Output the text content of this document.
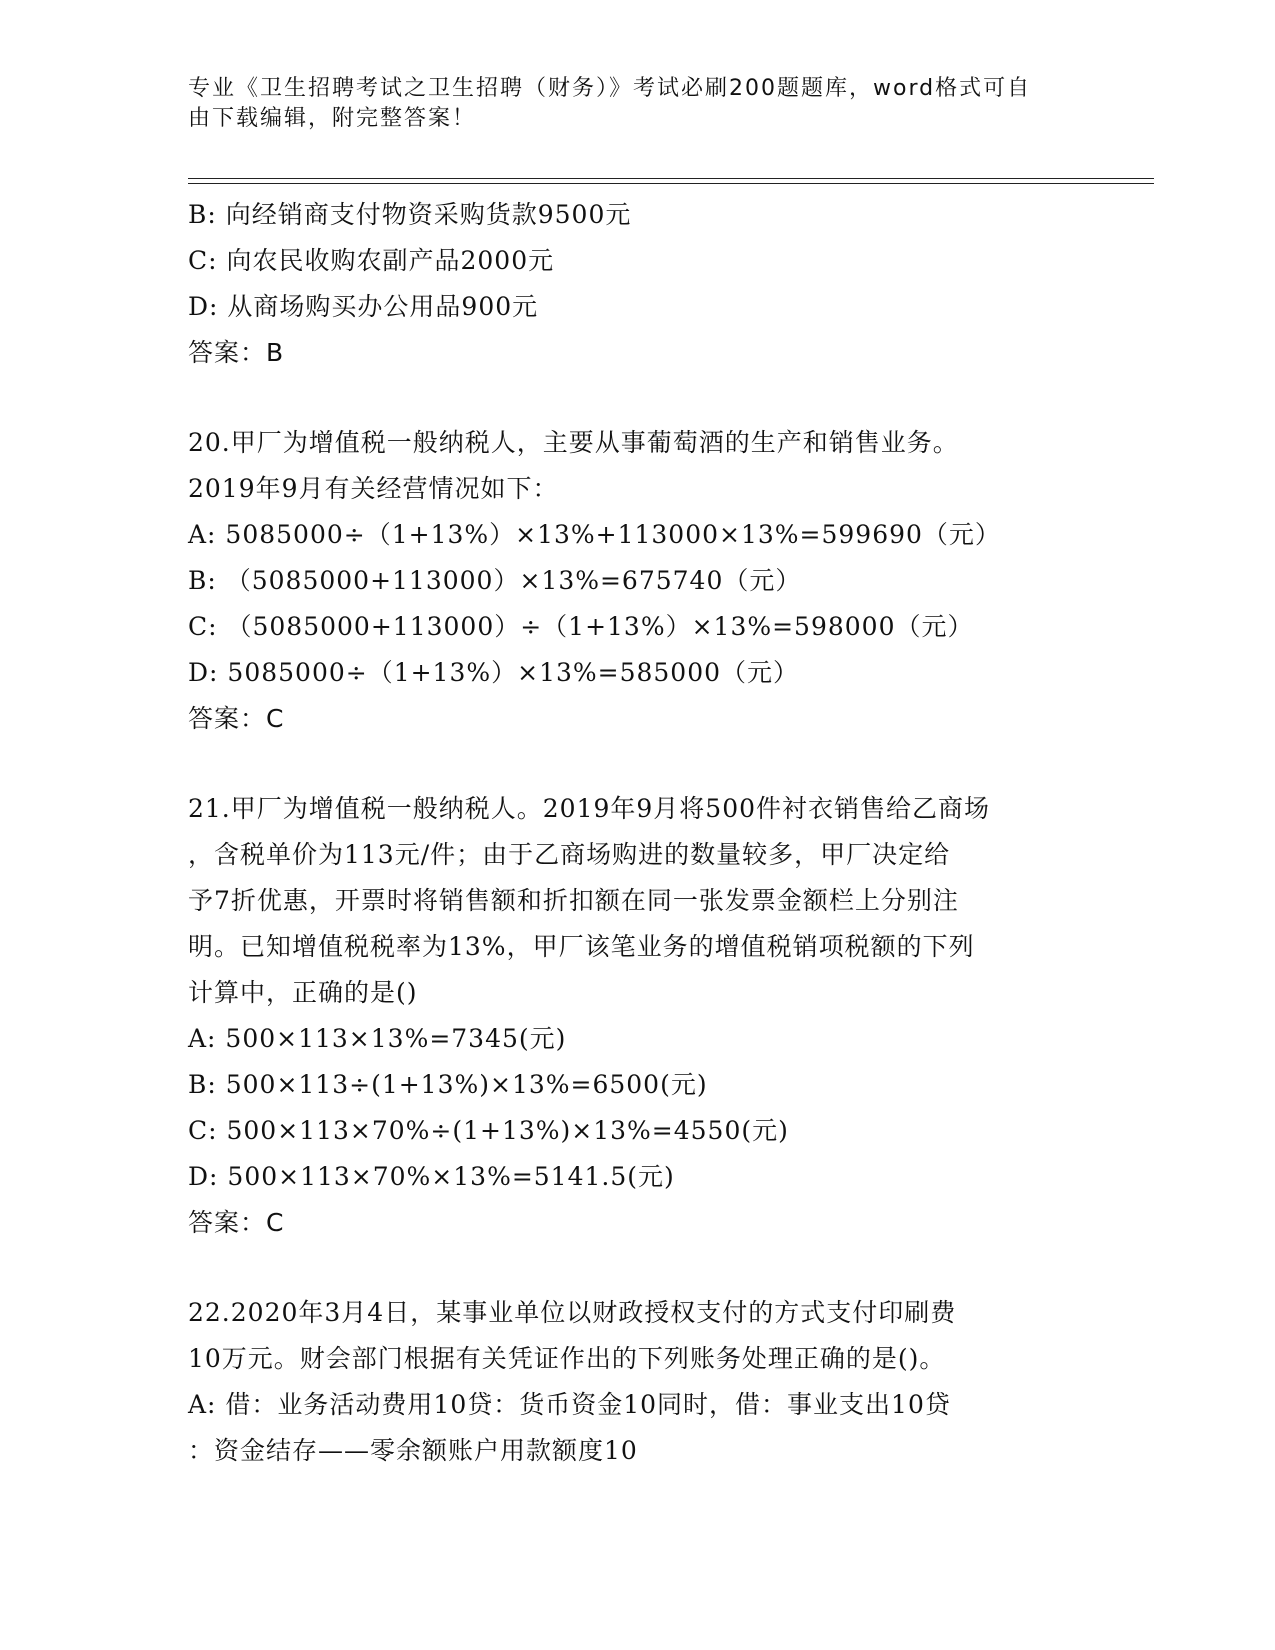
专业《卫生招聘考试之卫生招聘（财务）》考试必刷200题题库，word格式可自
由下载编辑，附完整答案！
B: 向经销商支付物资采购货款9500元
C: 向农民收购农副产品2000元
D: 从商场购买办公用品900元
答案：B
20.甲厂为增值税一般纳税人，主要从事葡萄酒的生产和销售业务。
2019年9月有关经营情况如下：
A: 5085000÷（1+13%）×13%+113000×13%=599690（元）
B: （5085000+113000）×13%=675740（元）
C: （5085000+113000）÷（1+13%）×13%=598000（元）
D: 5085000÷（1+13%）×13%=585000（元）
答案：C
21.甲厂为增值税一般纳税人。2019年9月将500件衬衣销售给乙商场
，含税单价为113元/件；由于乙商场购进的数量较多，甲厂决定给
予7折优惠，开票时将销售额和折扣额在同一张发票金额栏上分别注
明。已知增值税税率为13%，甲厂该笔业务的增值税销项税额的下列
计算中，正确的是()
A: 500×113×13%=7345(元)
B: 500×113÷(1+13%)×13%=6500(元)
C: 500×113×70%÷(1+13%)×13%=4550(元)
D: 500×113×70%×13%=5141.5(元)
答案：C
22.2020年3月4日，某事业单位以财政授权支付的方式支付印刷费
10万元。财会部门根据有关凭证作出的下列账务处理正确的是()。
A: 借：业务活动费用10贷：货币资金10同时，借：事业支出10贷
：资金结存——零余额账户用款额度10
